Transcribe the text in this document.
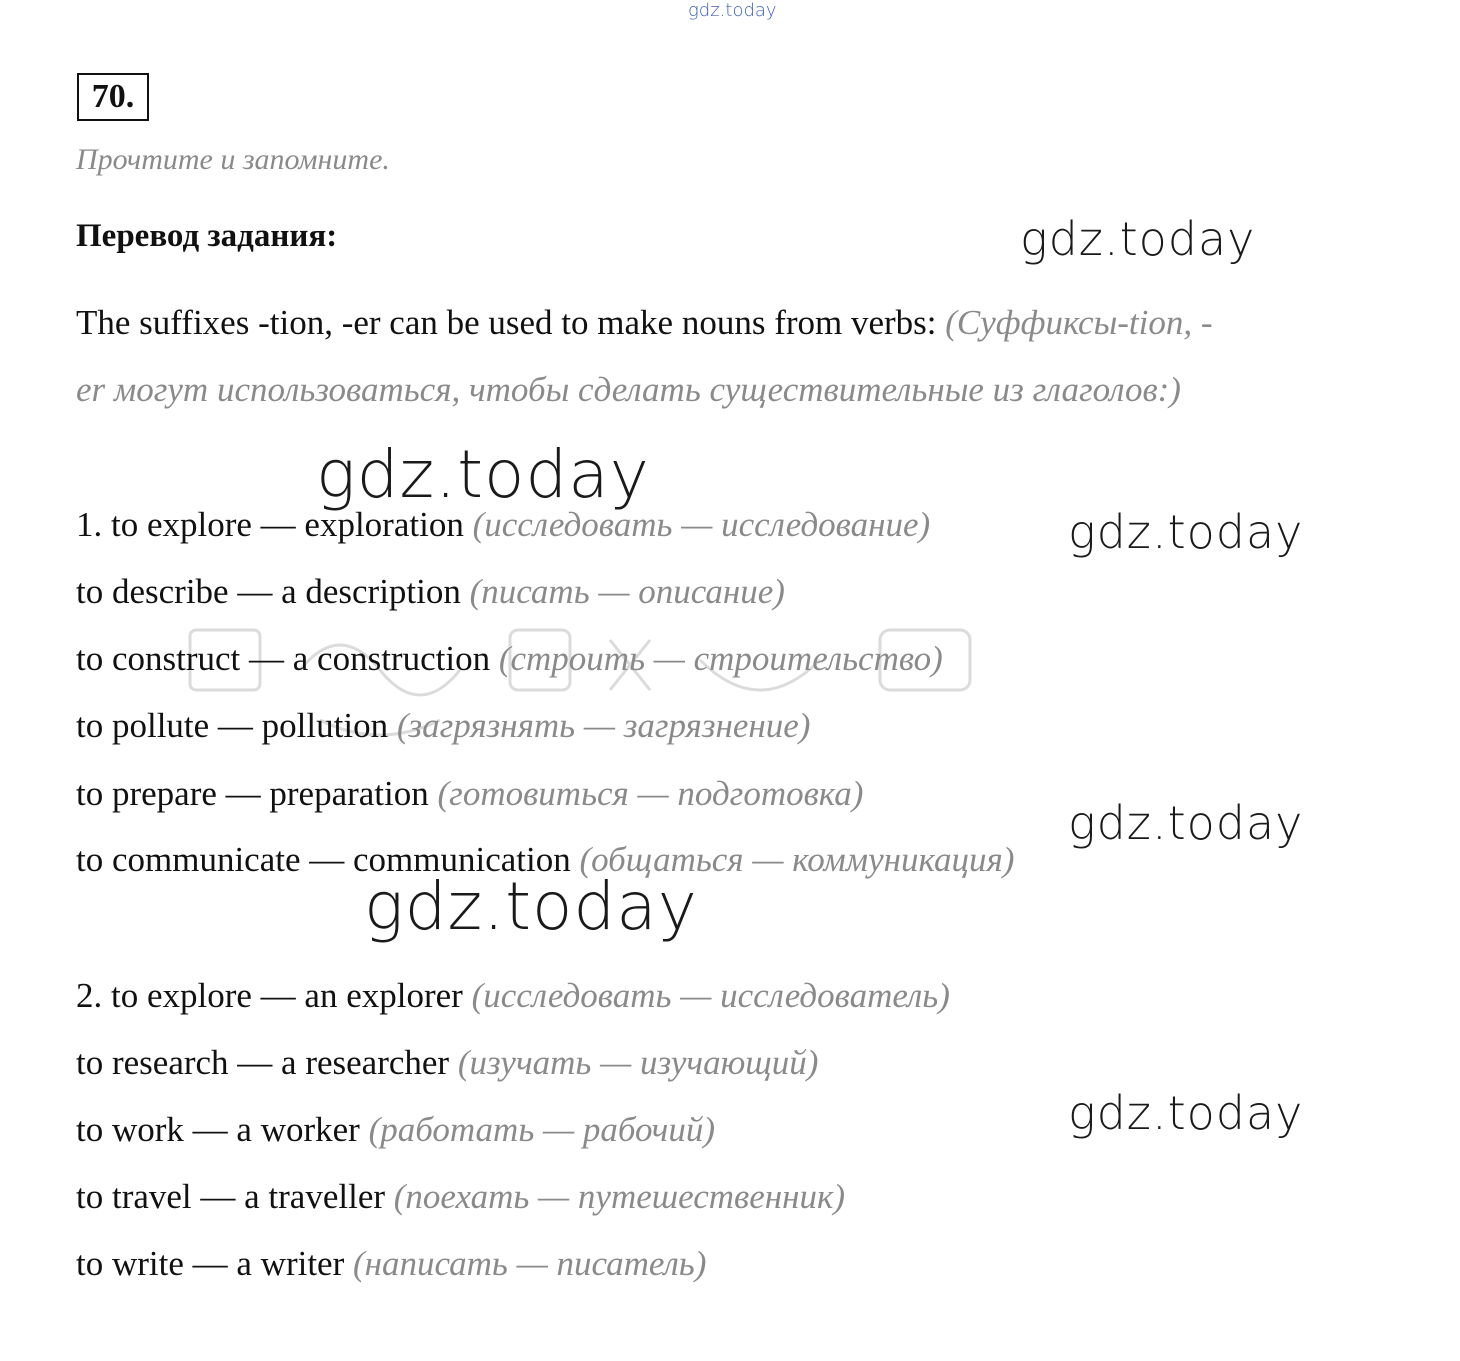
gdz.today
gdz.today
gdz.today
gdz.today
gdz.today
gdz.today
gdz.today
70.
Прочтите и запомните.
Перевод задания:
The suffixes -tion, -er can be used to make nouns from verbs: (Суффиксы-tion, -
er могут использоваться, чтобы сделать существительные из глаголов:)
1. to explore — exploration (исследовать — исследование)
to describe — a description (писать — описание)
to construct — a construction (строить — строительство)
to pollute — pollution (загрязнять — загрязнение)
to prepare — preparation (готовиться — подготовка)
to communicate — communication (общаться — коммуникация)
2. to explore — an explorer (исследовать — исследователь)
to research — a researcher (изучать — изучающий)
to work — a worker (работать — рабочий)
to travel — a traveller (поехать — путешественник)
to write — a writer (написать — писатель)
